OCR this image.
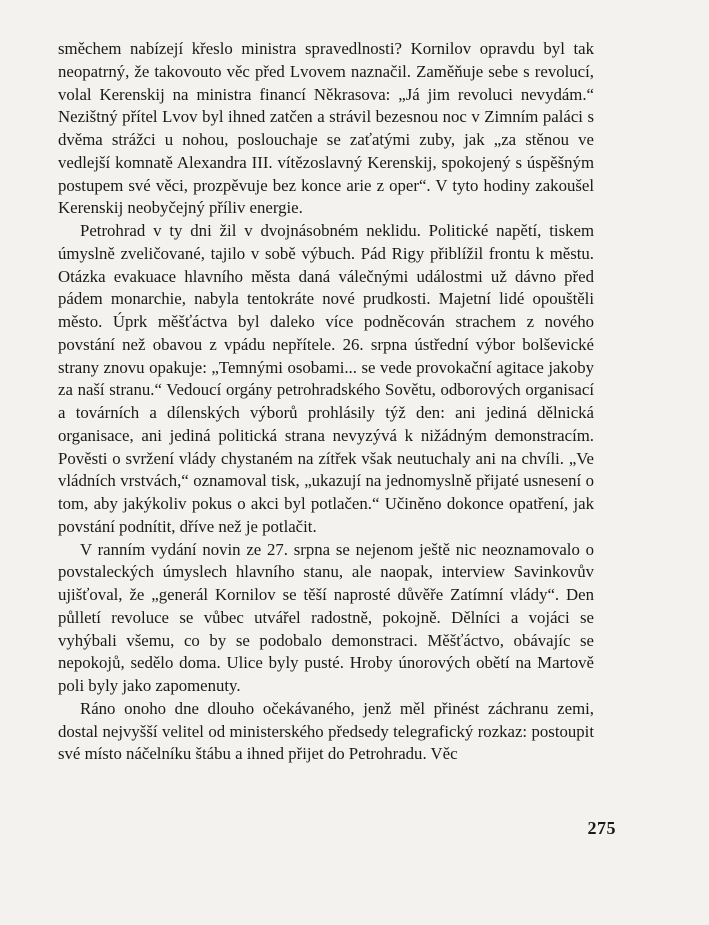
směchem nabízejí křeslo ministra spravedlnosti? Kornilov opravdu byl tak neopatrný, že takovouto věc před Lvovem naznačil. Zaměňuje sebe s revolucí, volal Kerenskij na ministra financí Někrasova: „Já jim revoluci nevydám.“ Nezištný přítel Lvov byl ihned zatčen a strávil bezesnou noc v Zimním paláci s dvěma strážci u nohou, poslouchaje se zaťatými zuby, jak „za stěnou ve vedlejší komnatě Alexandra III. vítězoslavný Kerenskij, spokojený s úspěšným postupem své věci, prozpěvuje bez konce arie z oper“. V tyto hodiny zakoušel Kerenskij neobyčejný příliv energie.

Petrohrad v ty dni žil v dvojnásobném neklidu. Politické napětí, tiskem úmyslně zveličované, tajilo v sobě výbuch. Pád Rigy přiblížil frontu k městu. Otázka evakuace hlavního města daná válečnými událostmi už dávno před pádem monarchie, nabyla tentokráte nové prudkosti. Majetní lidé opouštěli město. Úprk měšťáctva byl daleko více podněcován strachem z nového povstání než obavou z vpádu nepřítele. 26. srpna ústřední výbor bolševické strany znovu opakuje: „Temnými osobami... se vede provokační agitace jakoby za naší stranu.“ Vedoucí orgány petrohradského Sovětu, odborových organisací a továrních a dílenských výborů prohlásily týž den: ani jediná dělnická organisace, ani jediná politická strana nevyzývá k nižádným demonstracím. Pověsti o svržení vlády chystaném na zítřek však neutuchaly ani na chvíli. „Ve vládních vrstvách,“ oznamoval tisk, „ukazují na jednomyslně přijaté usnesení o tom, aby jakýkoliv pokus o akci byl potlačen.“ Učiněno dokonce opatření, jak povstání podnítit, dříve než je potlačit.

V ranním vydání novin ze 27. srpna se nejenom ještě nic neoznamovalo o povstaleckých úmyslech hlavního stanu, ale naopak, interview Savinkovův ujišťoval, že „generál Kornilov se těší naprosté důvěře Zatímní vlády“. Den půlletí revoluce se vůbec utvářel radostně, pokojně. Dělníci a vojáci se vyhýbali všemu, co by se podobalo demonstraci. Měšťáctvo, obávajíc se nepokojů, sedělo doma. Ulice byly pusté. Hroby únorových obětí na Martově poli byly jako zapomenuty.

Ráno onoho dne dlouho očekávaného, jenž měl přinést záchranu zemi, dostal nejvyšší velitel od ministerského předsedy telegrafický rozkaz: postoupit své místo náčelníku štábu a ihned přijet do Petrohradu. Věc

275
